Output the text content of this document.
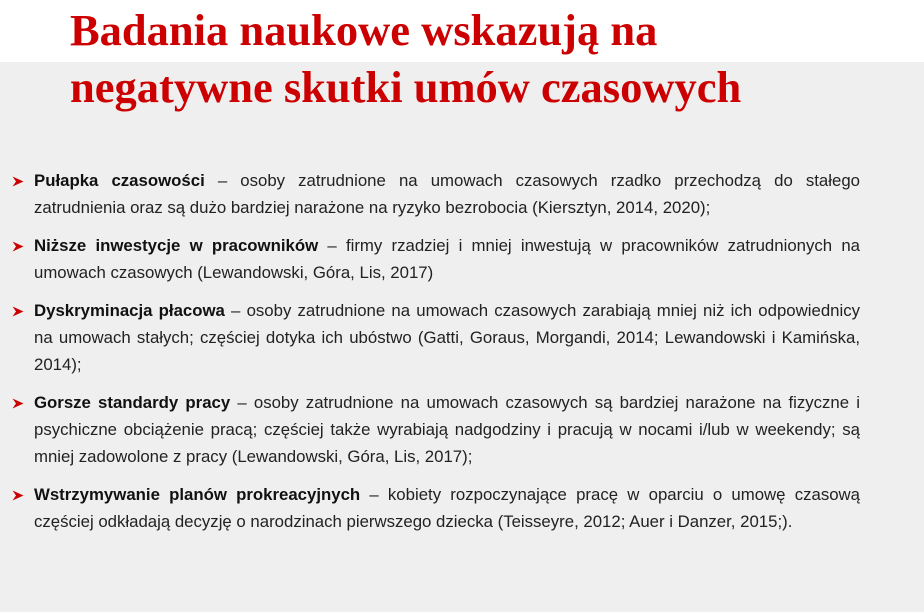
Badania naukowe wskazują na
negatywne skutki umów czasowych
Pułapka czasowości – osoby zatrudnione na umowach czasowych rzadko przechodzą do stałego zatrudnienia oraz są dużo bardziej narażone na ryzyko bezrobocia (Kiersztyn, 2014, 2020);
Niższe inwestycje w pracowników – firmy rzadziej i mniej inwestują w pracowników zatrudnionych na umowach czasowych (Lewandowski, Góra, Lis, 2017)
Dyskryminacja płacowa – osoby zatrudnione na umowach czasowych zarabiają mniej niż ich odpowiednicy na umowach stałych; częściej dotyka ich ubóstwo (Gatti, Goraus, Morgandi, 2014; Lewandowski i Kamińska, 2014);
Gorsze standardy pracy – osoby zatrudnione na umowach czasowych są bardziej narażone na fizyczne i psychiczne obciążenie pracą; częściej także wyrabiają nadgodziny i pracują w nocami i/lub w weekendy; są mniej zadowolone z pracy (Lewandowski, Góra, Lis, 2017);
Wstrzymywanie planów prokreacyjnych – kobiety rozpoczynające pracę w oparciu o umowę czasową częściej odkładają decyzję o narodzinach pierwszego dziecka (Teisseyre, 2012; Auer i Danzer, 2015;).
